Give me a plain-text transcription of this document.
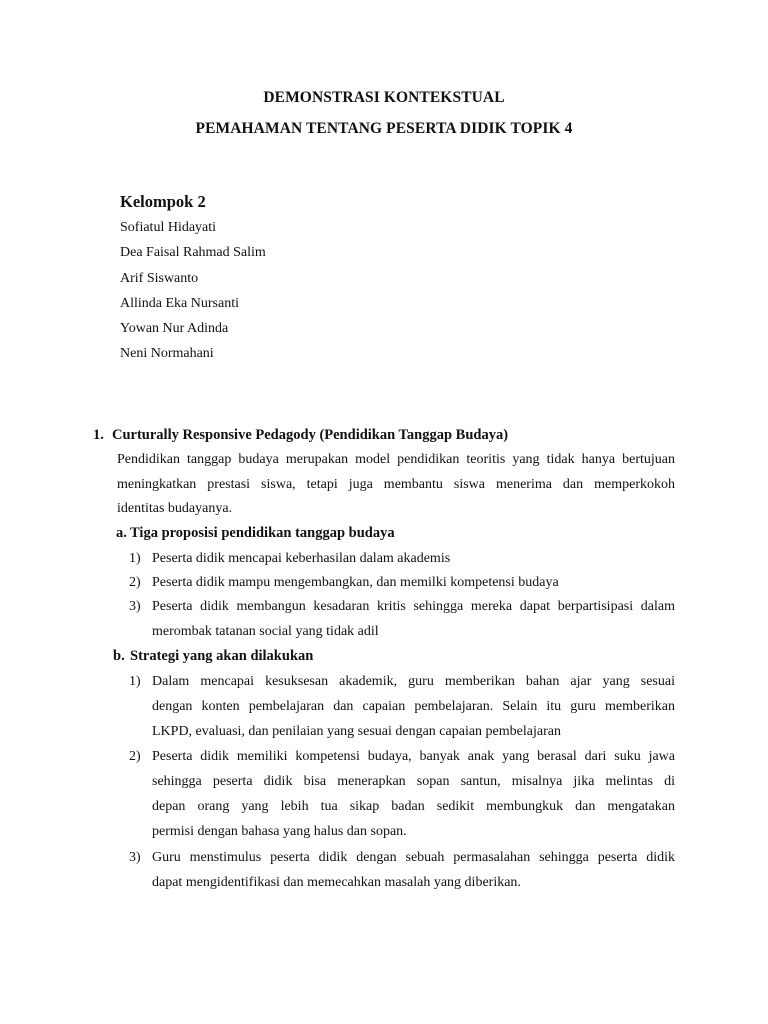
DEMONSTRASI KONTEKSTUAL
PEMAHAMAN TENTANG PESERTA DIDIK TOPIK 4
Kelompok 2
Sofiatul Hidayati
Dea Faisal Rahmad Salim
Arif Siswanto
Allinda Eka Nursanti
Yowan Nur Adinda
Neni Normahani
1. Curturally Responsive Pedagody (Pendidikan Tanggap Budaya)
Pendidikan tanggap budaya merupakan model pendidikan teoritis yang tidak hanya bertujuan
meningkatkan prestasi siswa, tetapi juga membantu siswa menerima dan memperkokoh
identitas budayanya.
a. Tiga proposisi pendidikan tanggap budaya
1) Peserta didik mencapai keberhasilan dalam akademis
2) Peserta didik mampu mengembangkan, dan memilki kompetensi budaya
3) Peserta didik membangun kesadaran kritis sehingga mereka dapat berpartisipasi dalam
merombak tatanan social yang tidak adil
b. Strategi yang akan dilakukan
1) Dalam mencapai kesuksesan akademik, guru memberikan bahan ajar yang sesuai
dengan konten pembelajaran dan capaian pembelajaran. Selain itu guru memberikan
LKPD, evaluasi, dan penilaian yang sesuai dengan capaian pembelajaran
2) Peserta didik memiliki kompetensi budaya, banyak anak yang berasal dari suku jawa
sehingga peserta didik bisa menerapkan sopan santun, misalnya jika melintas di
depan orang yang lebih tua sikap badan sedikit membungkuk dan mengatakan
permisi dengan bahasa yang halus dan sopan.
3) Guru menstimulus peserta didik dengan sebuah permasalahan sehingga peserta didik
dapat mengidentifikasi dan memecahkan masalah yang diberikan.
